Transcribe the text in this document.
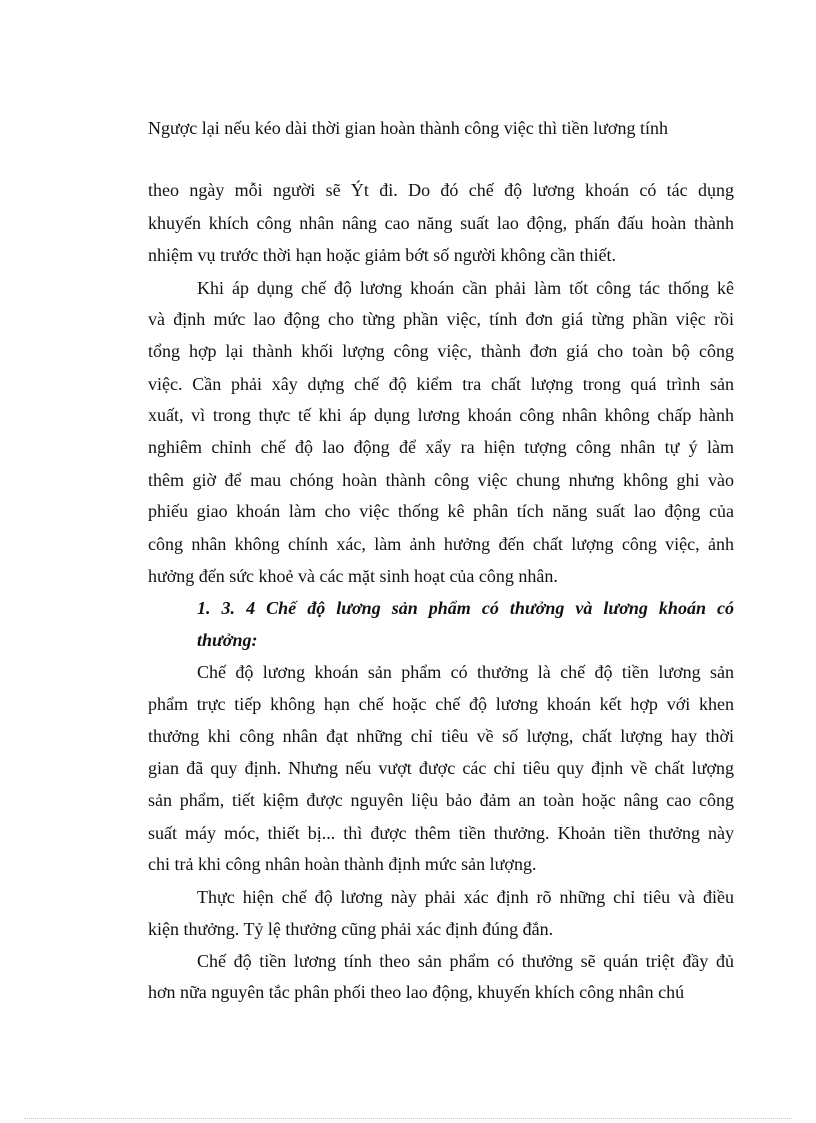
Ngược lại nếu kéo dài thời gian hoàn thành công việc thì tiền lương tính
theo ngày mỗi người sẽ Ýt đi. Do đó chế độ lương khoán có tác dụng
khuyến khích công nhân nâng cao năng suất lao động, phấn đấu hoàn thành
nhiệm vụ trước thời hạn hoặc giảm bớt số người không cần thiết.
Khi áp dụng chế độ lương khoán cần phải làm tốt công tác thống kê
và định mức lao động cho từng phần việc, tính đơn giá từng phần việc rồi
tổng hợp lại thành khối lượng công việc, thành đơn giá cho toàn bộ công
việc. Cần phải xây dựng chế độ kiểm tra chất lượng trong quá trình sản
xuất, vì trong thực tế khi áp dụng lương khoán công nhân không chấp hành
nghiêm chỉnh chế độ lao động để xẩy ra hiện tượng công nhân tự ý làm
thêm giờ để mau chóng hoàn thành công việc chung nhưng không ghi vào
phiếu giao khoán làm cho việc thống kê phân tích năng suất lao động của
công nhân không chính xác, làm ảnh hưởng đến chất lượng công việc, ảnh
hưởng đến sức khoẻ và các mặt sinh hoạt của công nhân.
1. 3. 4 Chế độ lương sản phẩm có thưởng và lương khoán có
thưởng:
Chế độ lương khoán sản phẩm có thưởng là chế độ tiền lương sản
phẩm trực tiếp không hạn chế hoặc chế độ lương khoán kết hợp với khen
thưởng khi công nhân đạt những chỉ tiêu về số lượng, chất lượng hay thời
gian đã quy định. Nhưng nếu vượt được các chỉ tiêu quy định về chất lượng
sản phẩm, tiết kiệm được nguyên liệu bảo đảm an toàn hoặc nâng cao công
suất máy móc, thiết bị... thì được thêm tiền thưởng. Khoản tiền thưởng này
chi trả khi công nhân hoàn thành định mức sản lượng.
Thực hiện chế độ lương này phải xác định rõ những chỉ tiêu và điều
kiện thưởng. Tỷ lệ thưởng cũng phải xác định đúng đắn.
Chế độ tiền lương tính theo sản phẩm có thưởng sẽ quán triệt đầy đủ
hơn nữa nguyên tắc phân phối theo lao động, khuyến khích công nhân chú
